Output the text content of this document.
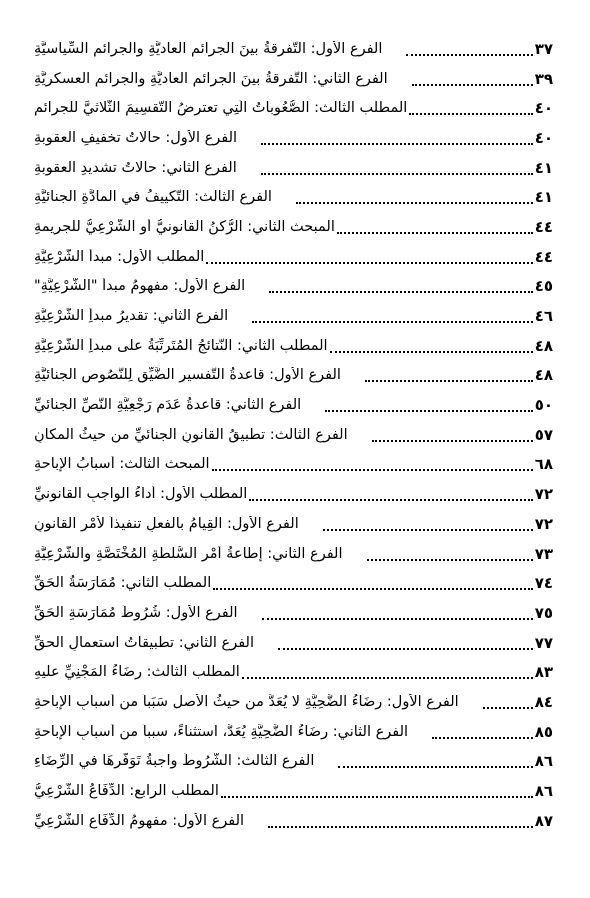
الفرع الأول: التَّفرقةُ بينَ الجرائمِ العاديَّةِ والجرائمِ السِّياسيَّةِ	٣٧
الفرع الثاني: التَّفرقةُ بينَ الجرائمِ العاديَّةِ والجرائمِ العسكريَّةِ	٣٩
المطلب الثالث: الصُّعُوباتُ الَّتِي تعترِضُ التَّقسِيمَ الثُّلاثيَّ للجرائم	٤٠
الفرع الأول: حالاتُ تخفيفِ العقوبةِ	٤٠
الفرع الثاني: حالاتُ تشديدِ العقوبةِ	٤١
الفرع الثالث: التَّكييفُ في المادَّةِ الجنائيَّةِ	٤١
المبحث الثاني: الرُّكنُ القانونيُّ أو الشَّرْعِيُّ للجريمةِ	٤٤
المطلب الأول: مبدأُ الشَّرْعِيَّةِ	٤٤
الفرع الأول: مفهومُ مبدأ "الشَّرْعِيَّةِ"	٤٥
الفرع الثاني: تقديرُ مبدأِ الشَّرْعِيَّةِ	٤٦
المطلب الثاني: النَّتائجُ المُتَرتِّبَةُ على مبدأِ الشَّرْعِيَّةِ	٤٨
الفرع الأول: قاعدةُ التَّفسيرِ الضَّيِّقِ لِلنُّصُوصِ الجنائيَّةِ	٤٨
الفرع الثاني: قاعدةُ عَدَمِ رَجْعِيَّةِ النَّصِّ الجنائيِّ	٥٠
الفرع الثالث: تطبيقُ القانونِ الجنائيِّ من حيثُ المكانِ	٥٧
المبحث الثالث: أسبابُ الإباحةِ	٦٨
المطلب الأول: أداءُ الواجبِ القانونيِّ	٧٢
الفرع الأول: القِيامُ بالفعلِ تنفيذاً لأمْرِ القانونِ	٧٢
الفرع الثاني: إطاعةُ أمْرِ السُّلْطةِ المُخْتَصَّةِ والشَّرْعِيَّةِ	٧٣
المطلب الثاني: مُمَارَسَةُ الحَقِّ	٧٤
الفرع الأول: شُرُوطُ مُمَارَسَةِ الحَقِّ	٧٥
الفرع الثاني: تطبيقاتُ استعمالِ الحقِّ	٧٧
المطلب الثالث: رِضَاءُ المَجْنِيِّ عليهِ	٨٣
الفرع الأول: رِضَاءُ الضَّحِيَّةِ لا يُعَدُّ من حيثُ الأصل سَبَباً من أسبابِ الإباحةِ	٨٤
الفرع الثاني: رِضَاءُ الضَّحِيَّةِ يُعَدُّ، استثناءً، سبباً من أسبابِ الإباحةِ	٨٥
الفرع الثالث: الشُّرُوطُ واجبةُ تَوَفُّرِهَا في الرِّضَاءِ	٨٦
المطلب الرابع: الدِّفَاعُ الشَّرْعِيُّ	٨٦
الفرع الأول: مفهومُ الدِّفَاعِ الشَّرْعِيِّ	٨٧
